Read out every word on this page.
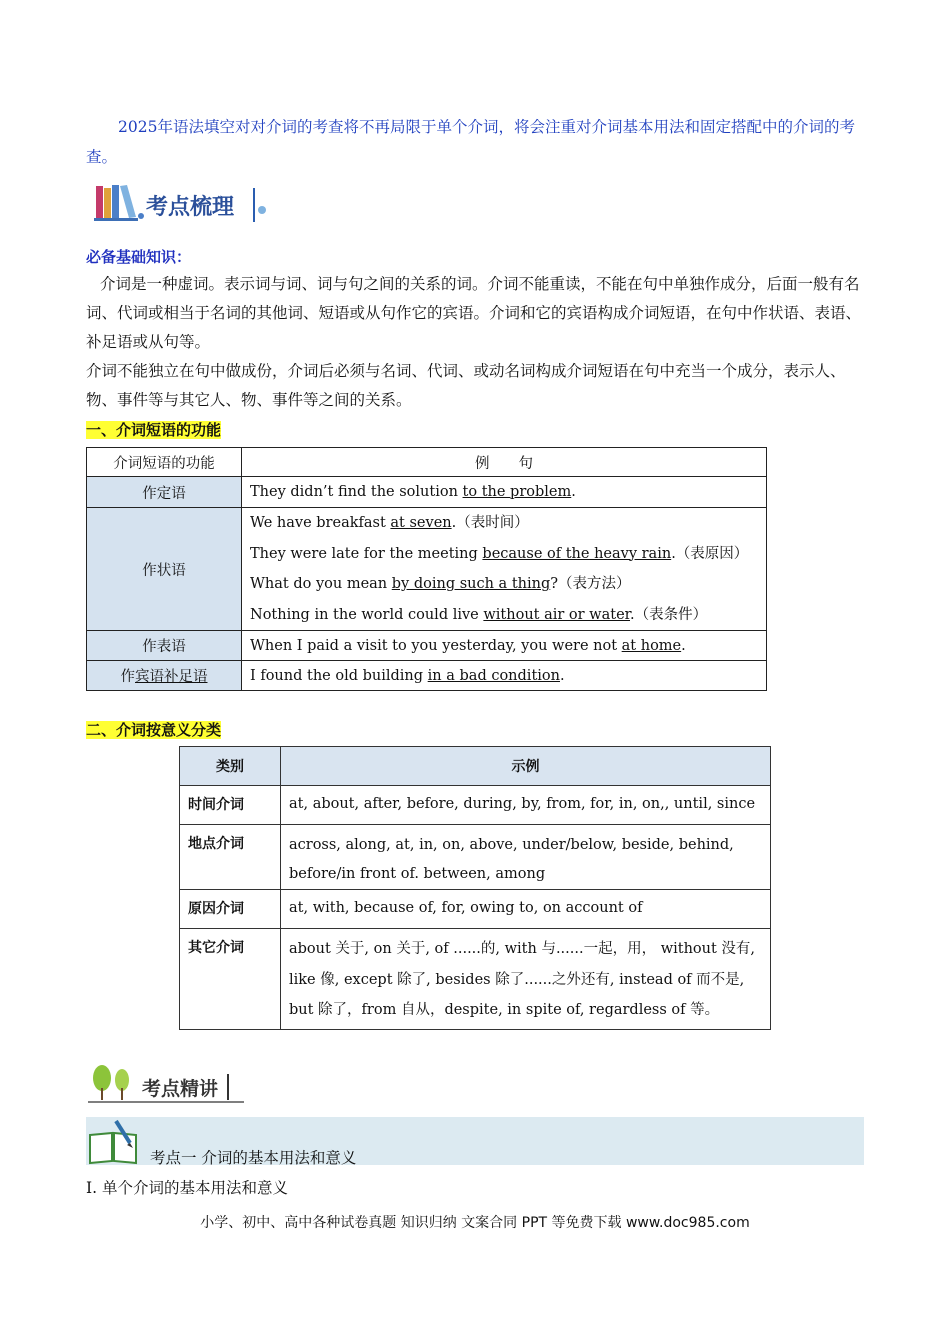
2025年语法填空对对介词的考查将不再局限于单个介词，将会注重对介词基本用法和固定搭配中的介词的考查。
考点梳理
必备基础知识：
介词是一种虚词。表示词与词、词与句之间的关系的词。介词不能重读，不能在句中单独作成分，后面一般有名词、代词或相当于名词的其他词、短语或从句作它的宾语。介词和它的宾语构成介词短语，在句中作状语、表语、补足语或从句等。
介词不能独立在句中做成份，介词后必须与名词、代词、或动名词构成介词短语在句中充当一个成分，表示人、物、事件等与其它人、物、事件等之间的关系。
一、介词短语的功能
介词短语的功能	例　　句
作定语	They didn’t find the solution to the problem.
作状语	We have breakfast at seven.（表时间）
They were late for the meeting because of the heavy rain.（表原因）
What do you mean by doing such a thing?（表方法）
Nothing in the world could live without air or water.（表条件）

作表语	When I paid a visit to you yesterday, you were not at home.
作宾语补足语	I found the old building in a bad condition.
二、介词按意义分类
类别	示例
时间介词	at, about, after, before, during, by, from, for, in, on,, until, since
地点介词	across, along, at, in, on, above, under/below, beside, behind, before/in front of. between, among
原因介词	at, with, because of, for, owing to, on account of
其它介词	about 关于, on 关于, of ......的, with 与......一起，用， without 没有, like 像, except 除了, besides 除了......之外还有, instead of 而不是, but 除了，from 自从，despite, in spite of, regardless of 等。
考点精讲
考点一 介词的基本用法和意义
I. 单个介词的基本用法和意义
小学、初中、高中各种试卷真题 知识归纳 文案合同 PPT 等免费下载 www.doc985.com
